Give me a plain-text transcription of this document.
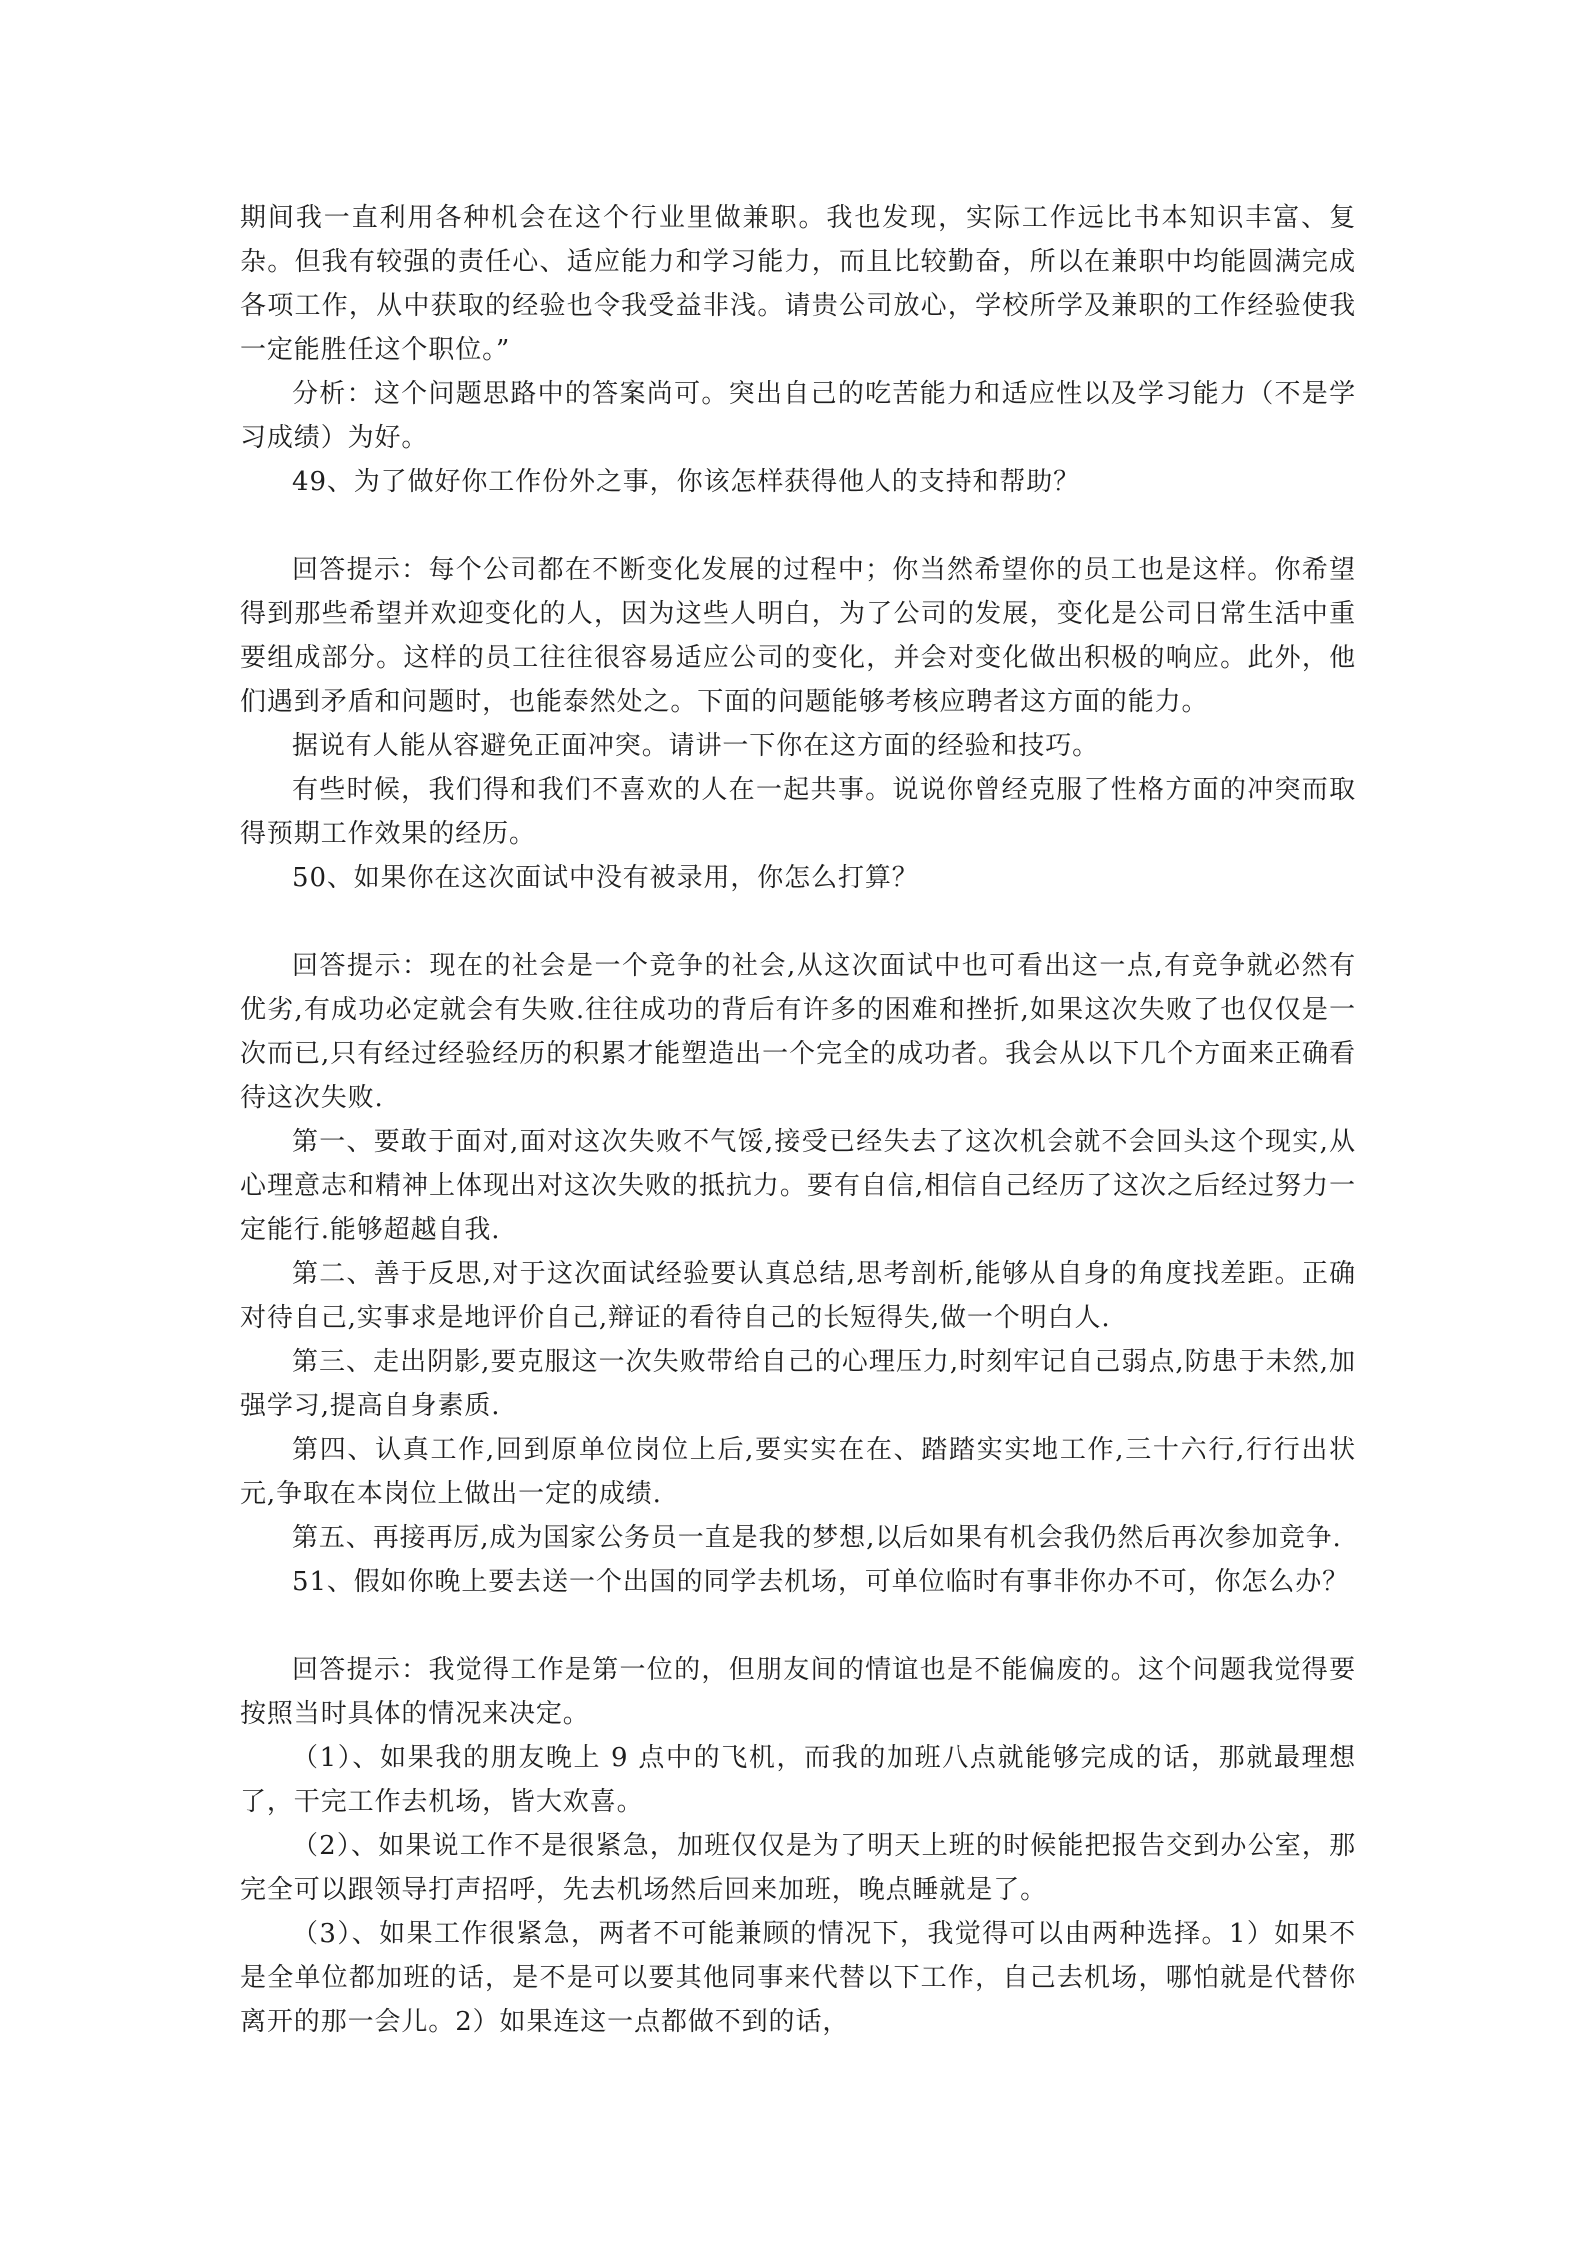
期间我一直利用各种机会在这个行业里做兼职。我也发现，实际工作远比书本知识丰富、复杂。但我有较强的责任心、适应能力和学习能力，而且比较勤奋，所以在兼职中均能圆满完成各项工作，从中获取的经验也令我受益非浅。请贵公司放心，学校所学及兼职的工作经验使我一定能胜任这个职位。”

分析：这个问题思路中的答案尚可。突出自己的吃苦能力和适应性以及学习能力（不是学习成绩）为好。

49、为了做好你工作份外之事，你该怎样获得他人的支持和帮助？

回答提示：每个公司都在不断变化发展的过程中；你当然希望你的员工也是这样。你希望得到那些希望并欢迎变化的人，因为这些人明白，为了公司的发展，变化是公司日常生活中重要组成部分。这样的员工往往很容易适应公司的变化，并会对变化做出积极的响应。此外，他们遇到矛盾和问题时，也能泰然处之。下面的问题能够考核应聘者这方面的能力。

据说有人能从容避免正面冲突。请讲一下你在这方面的经验和技巧。

有些时候，我们得和我们不喜欢的人在一起共事。说说你曾经克服了性格方面的冲突而取得预期工作效果的经历。

50、如果你在这次面试中没有被录用，你怎么打算？

回答提示：现在的社会是一个竞争的社会,从这次面试中也可看出这一点,有竞争就必然有优劣,有成功必定就会有失败.往往成功的背后有许多的困难和挫折,如果这次失败了也仅仅是一次而已,只有经过经验经历的积累才能塑造出一个完全的成功者。我会从以下几个方面来正确看待这次失败.

第一、要敢于面对,面对这次失败不气馁,接受已经失去了这次机会就不会回头这个现实,从心理意志和精神上体现出对这次失败的抵抗力。要有自信,相信自己经历了这次之后经过努力一定能行.能够超越自我.

第二、善于反思,对于这次面试经验要认真总结,思考剖析,能够从自身的角度找差距。正确对待自己,实事求是地评价自己,辩证的看待自己的长短得失,做一个明白人.

第三、走出阴影,要克服这一次失败带给自己的心理压力,时刻牢记自己弱点,防患于未然,加强学习,提高自身素质.

第四、认真工作,回到原单位岗位上后,要实实在在、踏踏实实地工作,三十六行,行行出状元,争取在本岗位上做出一定的成绩.

第五、再接再厉,成为国家公务员一直是我的梦想,以后如果有机会我仍然后再次参加竞争.

51、假如你晚上要去送一个出国的同学去机场，可单位临时有事非你办不可，你怎么办？

回答提示：我觉得工作是第一位的，但朋友间的情谊也是不能偏废的。这个问题我觉得要按照当时具体的情况来决定。

（1）、如果我的朋友晚上 9 点中的飞机，而我的加班八点就能够完成的话，那就最理想了，干完工作去机场，皆大欢喜。

（2）、如果说工作不是很紧急，加班仅仅是为了明天上班的时候能把报告交到办公室，那完全可以跟领导打声招呼，先去机场然后回来加班，晚点睡就是了。

（3）、如果工作很紧急，两者不可能兼顾的情况下，我觉得可以由两种选择。1）如果不是全单位都加班的话，是不是可以要其他同事来代替以下工作，自己去机场，哪怕就是代替你离开的那一会儿。2）如果连这一点都做不到的话，
